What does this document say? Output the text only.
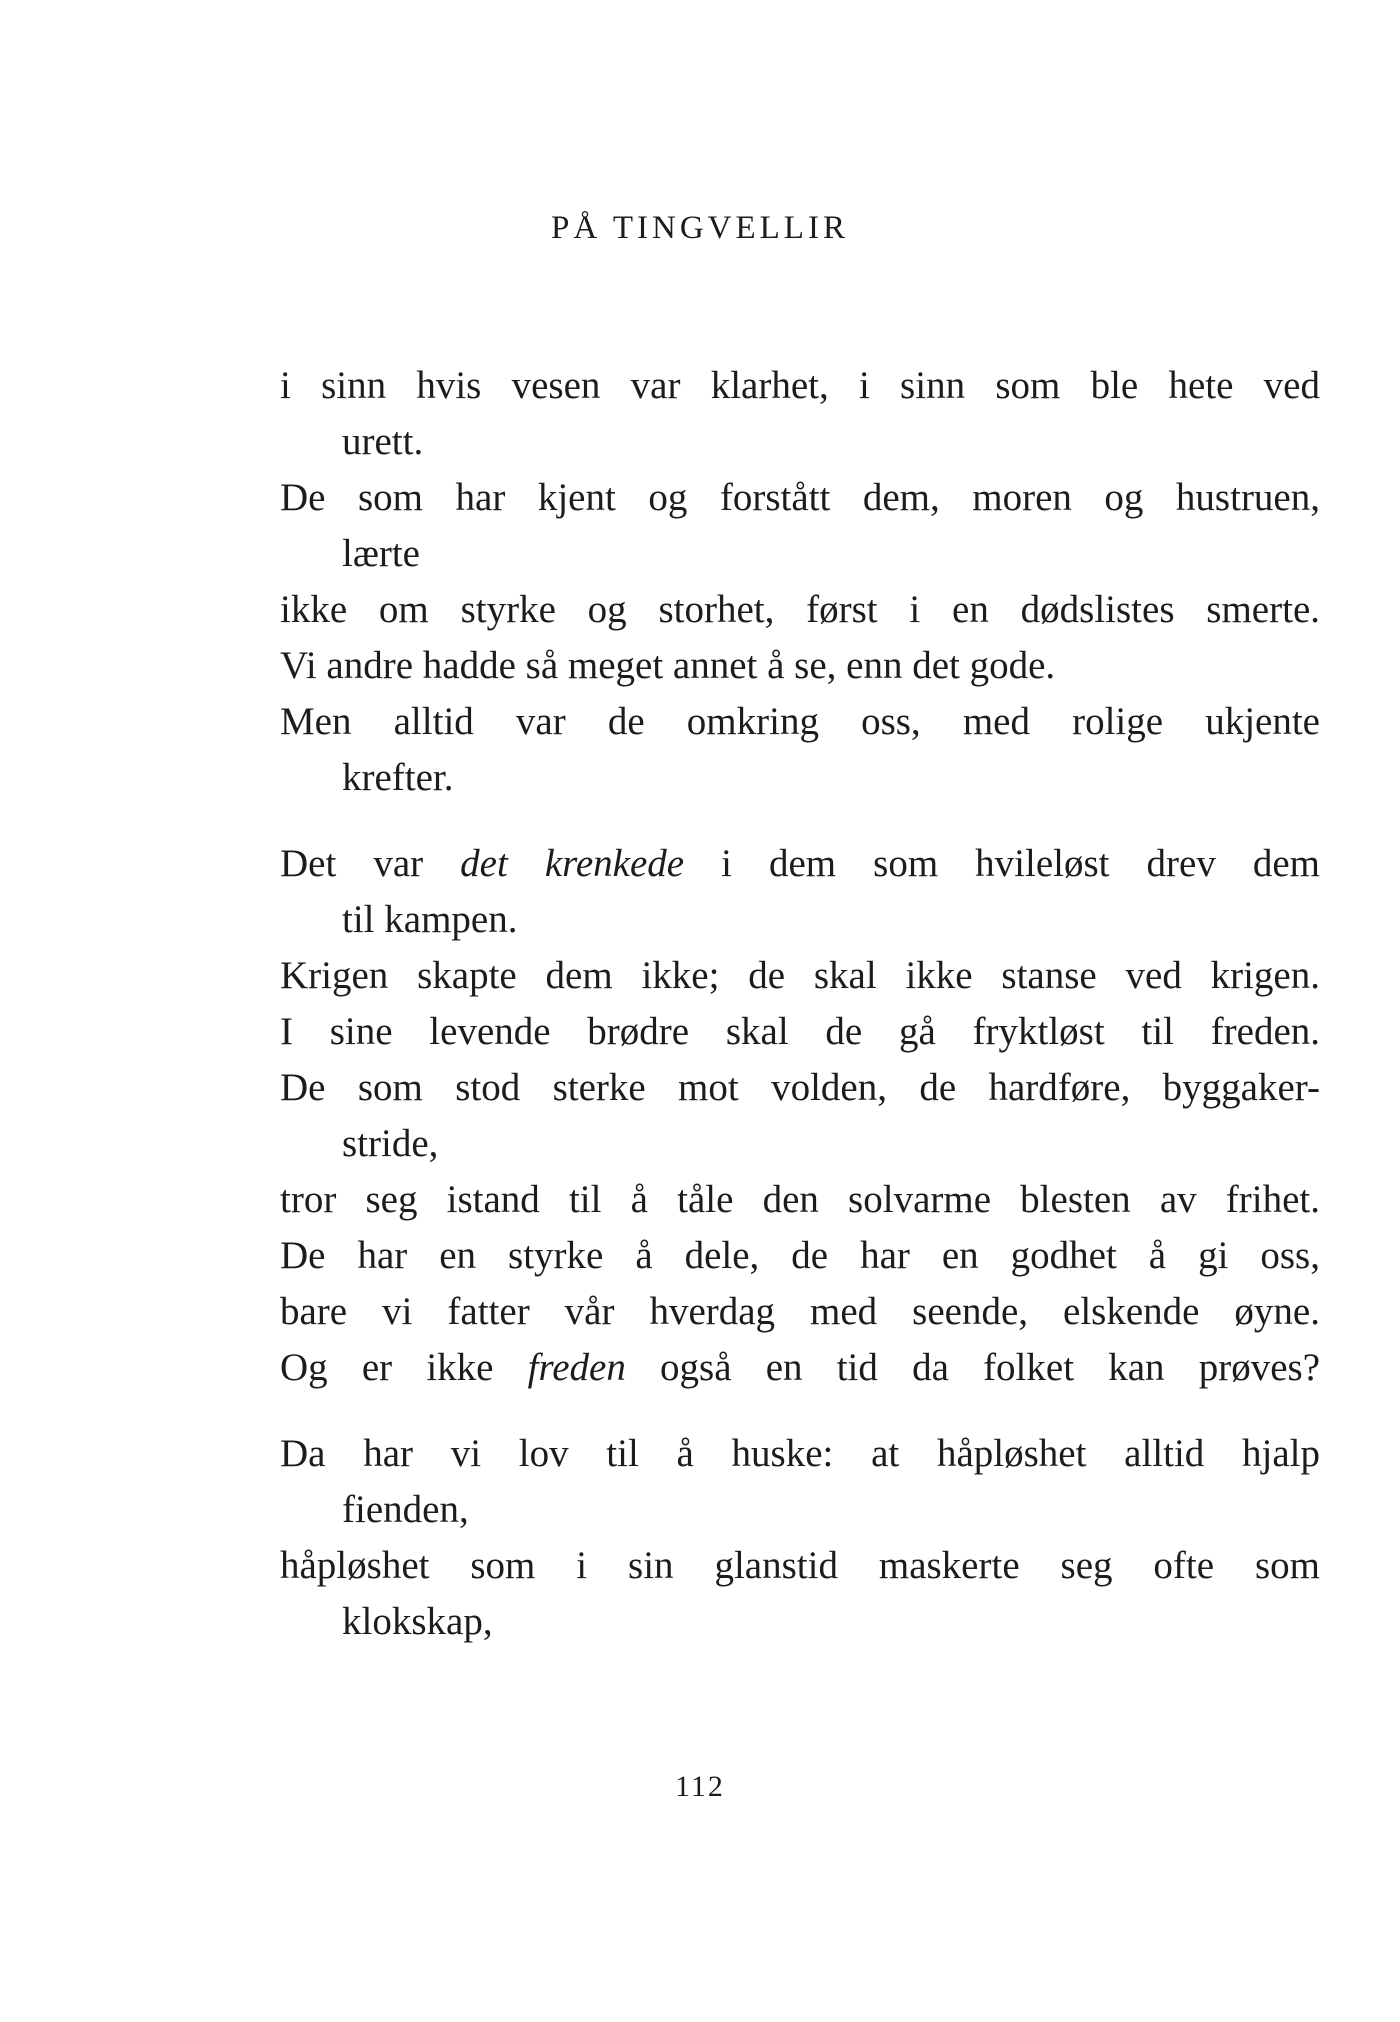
PÅ TINGVELLIR
i sinn hvis vesen var klarhet, i sinn som ble hete ved
urett.
De som har kjent og forstått dem, moren og hustruen,
lærte
ikke om styrke og storhet, først i en dødslistes smerte.
Vi andre hadde så meget annet å se, enn det gode.
Men alltid var de omkring oss, med rolige ukjente
krefter.
Det var det krenkede i dem som hvileløst drev dem
til kampen.
Krigen skapte dem ikke; de skal ikke stanse ved krigen.
I sine levende brødre skal de gå fryktløst til freden.
De som stod sterke mot volden, de hardføre, byggaker-
stride,
tror seg istand til å tåle den solvarme blesten av frihet.
De har en styrke å dele, de har en godhet å gi oss,
bare vi fatter vår hverdag med seende, elskende øyne.
Og er ikke freden også en tid da folket kan prøves?
Da har vi lov til å huske: at håpløshet alltid hjalp
fienden,
håpløshet som i sin glanstid maskerte seg ofte som
klokskap,
112
